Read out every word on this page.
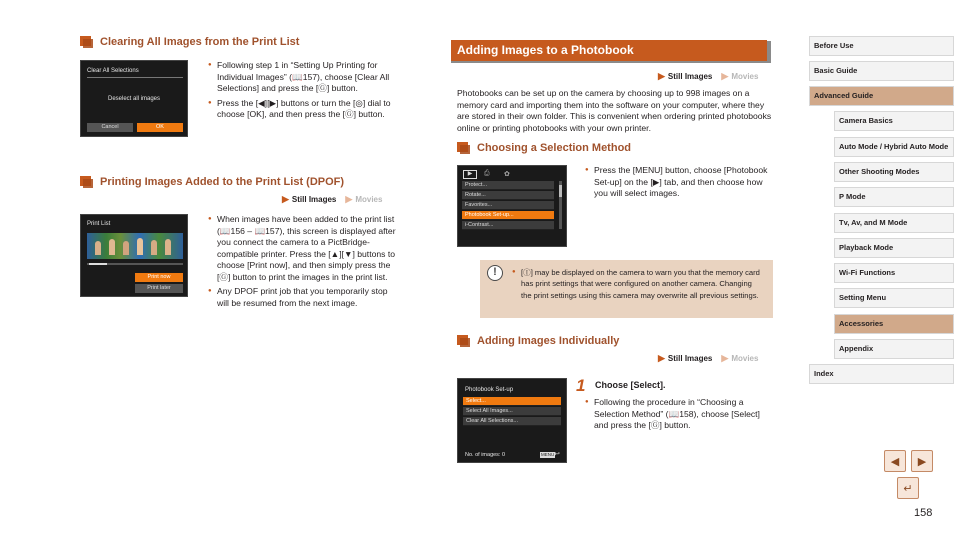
Clearing All Images from the Print List
Clear All Selections
Deselect all images
Cancel	OK
● Following step 1 in “Setting Up Printing for Individual Images” (📖157), choose [Clear All Selections] and press the [Ⓖ] button.
● Press the [◀][▶] buttons or turn the [◎] dial to choose [OK], and then press the [Ⓖ] button.
Printing Images Added to the Print List (DPOF)
▶ Still Images ▶ Movies
Print List
Print now
Print later
● When images have been added to the print list (📖156 – 📖157), this screen is displayed after you connect the camera to a PictBridge-compatible printer. Press the [▲][▼] buttons to choose [Print now], and then simply press the [Ⓖ] button to print the images in the print list.
● Any DPOF print job that you temporarily stop will be resumed from the next image.
Adding Images to a Photobook
▶ Still Images ▶ Movies
Photobooks can be set up on the camera by choosing up to 998 images on a memory card and importing them into the software on your computer, where they are stored in their own folder. This is convenient when ordering printed photobooks online or printing photobooks with your own printer.
Choosing a Selection Method
▶	⎙ ✿
Protect...
Rotate...
Favorites...
Photobook Set-up...
i-Contrast...
● Press the [MENU] button, choose [Photobook Set-up] on the [▶] tab, and then choose how you will select images.
!
●	[Ⓘ] may be displayed on the camera to warn you that the memory card has print settings that were configured on another camera. Changing the print settings using this camera may overwrite all previous settings.
Adding Images Individually
▶ Still Images ▶ Movies
Photobook Set-up
Select...
Select All Images...
Clear All Selections...
No. of images: 0	MENU ↩
1 Choose [Select].
● Following the procedure in “Choosing a Selection Method” (📖158), choose [Select] and press the [Ⓖ] button.
Before Use
Basic Guide
Advanced Guide
Camera Basics
Auto Mode / Hybrid Auto Mode
Other Shooting Modes
P Mode
Tv, Av, and M Mode
Playback Mode
Wi-Fi Functions
Setting Menu
Accessories
Appendix
Index
◀ ▶
↵
158
